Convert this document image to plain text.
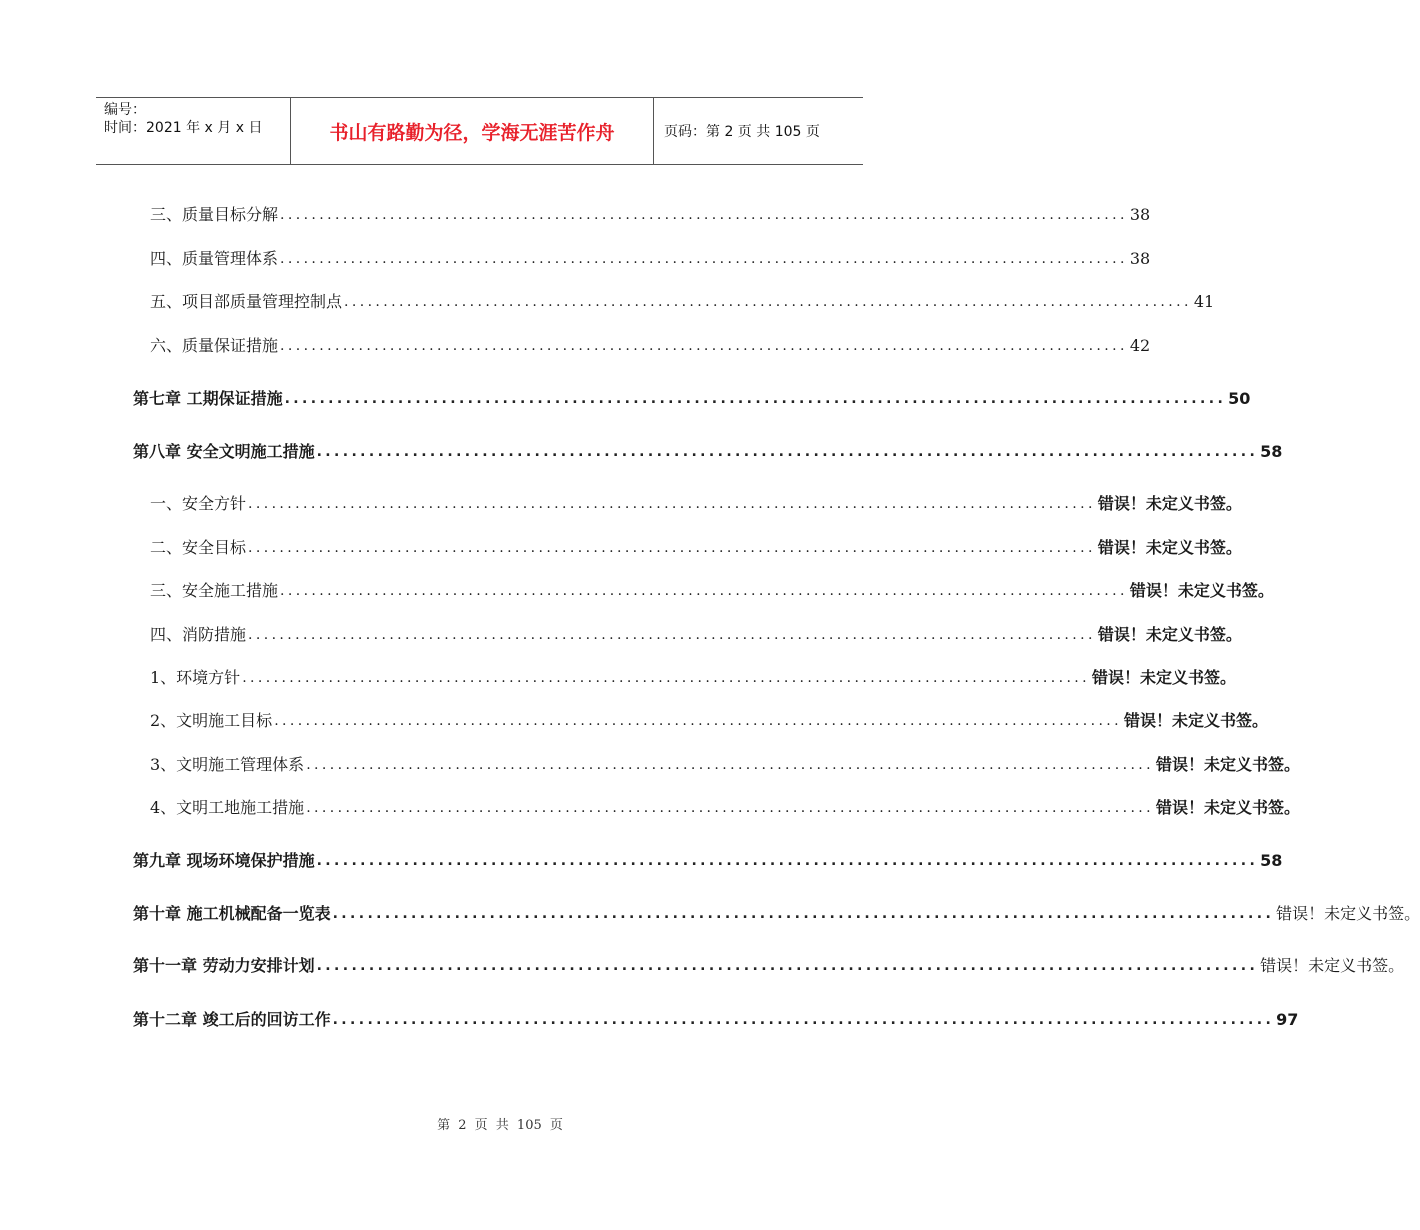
编号：
时间：2021 年 x 月 x 日	书山有路勤为径，学海无涯苦作舟	页码：第 2 页 共 105 页
三、质量目标分解 ............................................................................................................ 38
四、质量管理体系 ............................................................................................................ 38
五、项目部质量管理控制点 ............................................................................................................ 41
六、质量保证措施 ............................................................................................................ 42
第七章 工期保证措施 ............................................................................................................ 50
第八章 安全文明施工措施 ............................................................................................................ 58
一、安全方针 ............................................................................................................ 错误！未定义书签。
二、安全目标 ............................................................................................................ 错误！未定义书签。
三、安全施工措施 ............................................................................................................ 错误！未定义书签。
四、消防措施 ............................................................................................................ 错误！未定义书签。
1、环境方针 ............................................................................................................ 错误！未定义书签。
2、文明施工目标 ............................................................................................................ 错误！未定义书签。
3、文明施工管理体系 ............................................................................................................ 错误！未定义书签。
4、文明工地施工措施 ............................................................................................................ 错误！未定义书签。
第九章 现场环境保护措施 ............................................................................................................ 58
第十章 施工机械配备一览表 ............................................................................................................ 错误！未定义书签。
第十一章 劳动力安排计划 ............................................................................................................ 错误！未定义书签。
第十二章 竣工后的回访工作 ............................................................................................................ 97
第 2 页 共 105 页
